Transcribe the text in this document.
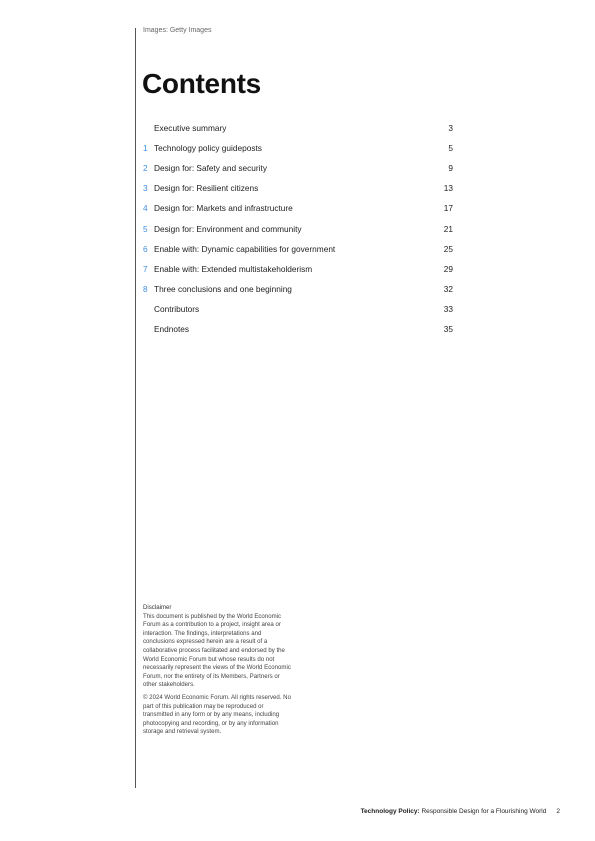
Images: Getty Images
Contents
Executive summary	3
1 Technology policy guideposts	5
2 Design for: Safety and security	9
3 Design for: Resilient citizens	13
4 Design for: Markets and infrastructure	17
5 Design for: Environment and community	21
6 Enable with: Dynamic capabilities for government	25
7 Enable with: Extended multistakeholderism	29
8 Three conclusions and one beginning	32
Contributors	33
Endnotes	35

Disclaimer

This document is published by the World Economic Forum as a contribution to a project, insight area or interaction. The findings, interpretations and conclusions expressed herein are a result of a collaborative process facilitated and endorsed by the World Economic Forum but whose results do not necessarily represent the views of the World Economic Forum, nor the entirety of its Members, Partners or other stakeholders.

© 2024 World Economic Forum. All rights reserved. No part of this publication may be reproduced or transmitted in any form or by any means, including photocopying and recording, or by any information storage and retrieval system.

Technology Policy: Responsible Design for a Flourishing World 2
